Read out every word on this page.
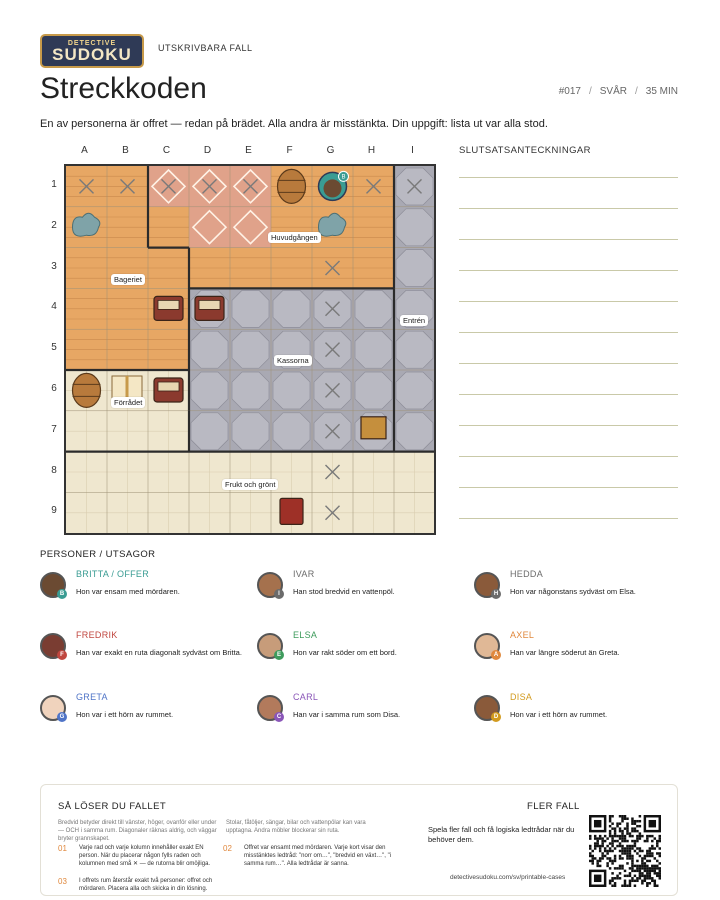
DETECTIVE
SUDOKU	UTSKRIVBARA FALL
Streckkoden	#017 / SVÅR / 35 MIN

En av personerna är offret — redan på brädet. Alla andra är misstänkta. Din uppgift: lista ut var alla stod.

A	B	C	D	E	F	G	H	I
1
2
3
4
5
6
7
8
9
B
Huvudgången
Bageriet
Entrén
Kassorna
Förrådet
Frukt och grönt
SLUTSATSANTECKNINGAR
PERSONER / UTSAGOR
B
BRITTA / OFFER
Hon var ensam med mördaren.	I
IVAR
Han stod bredvid en vattenpöl.	H
HEDDA
Hon var någonstans sydväst om Elsa.
F
FREDRIK
Han var exakt en ruta diagonalt sydväst om Britta.	E
ELSA
Hon var rakt söder om ett bord.	A
AXEL
Han var längre söderut än Greta.
G
GRETA
Hon var i ett hörn av rummet.	C
CARL
Han var i samma rum som Disa.	D
DISA
Hon var i ett hörn av rummet.
SÅ LÖSER DU FALLET
Bredvid betyder direkt till vänster, höger, ovanför eller under — OCH i samma rum. Diagonaler räknas aldrig, och väggar bryter grannskapet.
Stolar, fåtöljer, sängar, bilar och vattenpölar kan vara upptagna. Andra möbler blockerar sin ruta.
01 Varje rad och varje kolumn innehåller exakt EN person. När du placerar någon fylls raden och kolumnen med små ✕ — de rutorna blir omöjliga.
02 Offret var ensamt med mördaren. Varje kort visar den misstänktes ledtråd: "norr om…", "bredvid en växt…", "i samma rum…". Alla ledtrådar är sanna.
03 I offrets rum återstår exakt två personer: offret och mördaren. Placera alla och skicka in din lösning.
FLER FALL
Spela fler fall och få logiska ledtrådar när du behöver dem.
detectivesudoku.com/sv/printable-cases
